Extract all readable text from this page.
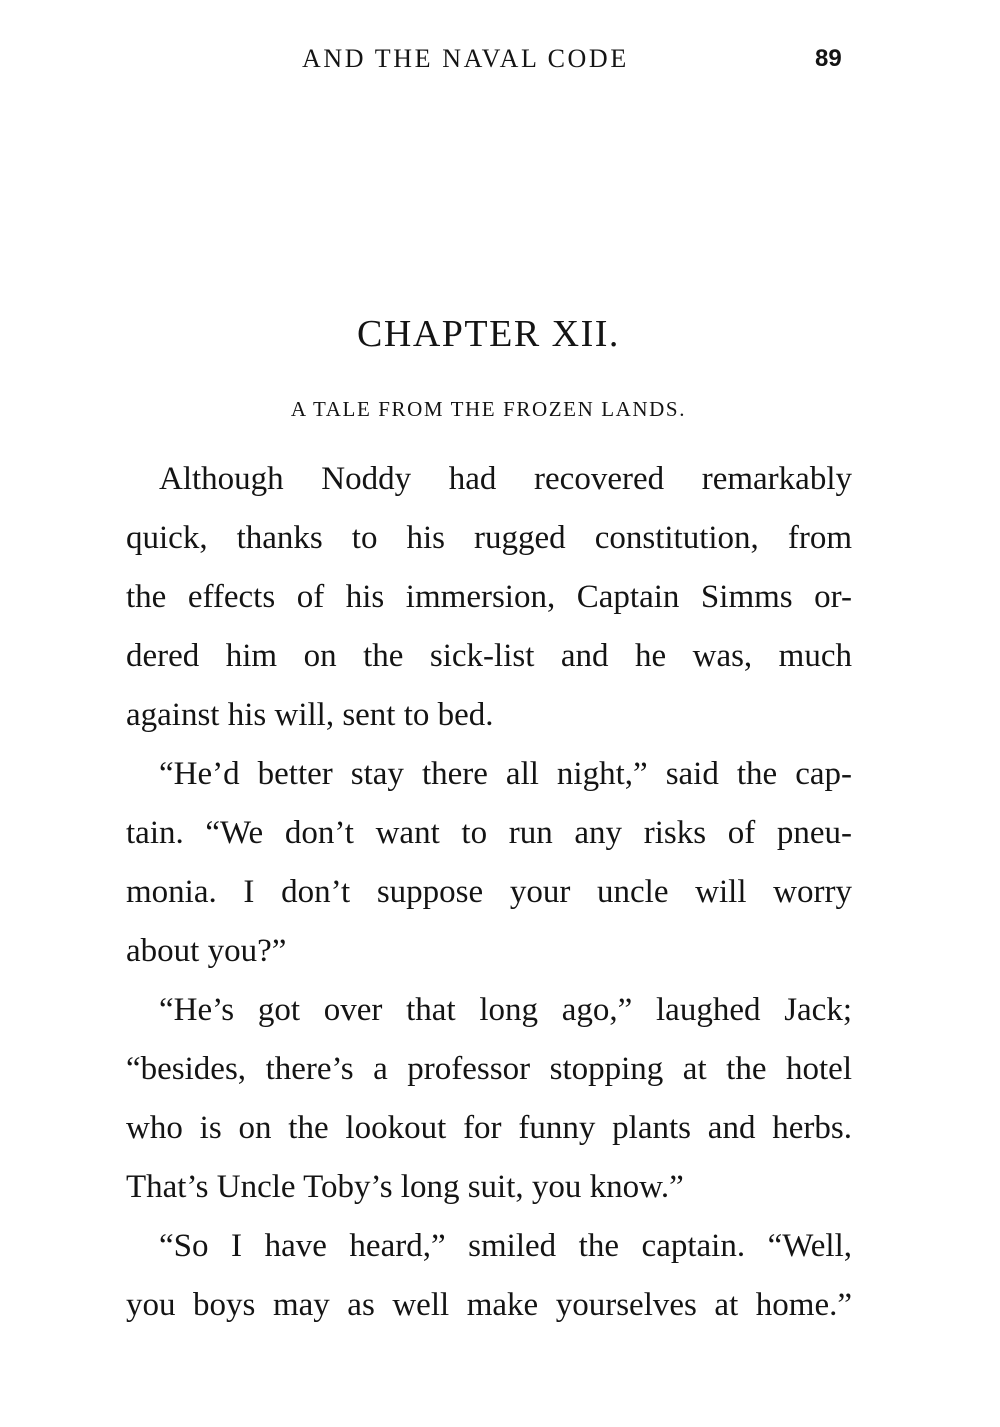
AND THE NAVAL CODE	89
CHAPTER XII.
A TALE FROM THE FROZEN LANDS.
Although Noddy had recovered remarkably
quick, thanks to his rugged constitution, from
the effects of his immersion, Captain Simms or-
dered him on the sick-list and he was, much
against his will, sent to bed.
“He’d better stay there all night,” said the cap-
tain. “We don’t want to run any risks of pneu-
monia. I don’t suppose your uncle will worry
about you?”
“He’s got over that long ago,” laughed Jack;
“besides, there’s a professor stopping at the hotel
who is on the lookout for funny plants and herbs.
That’s Uncle Toby’s long suit, you know.”
“So I have heard,” smiled the captain. “Well,
you boys may as well make yourselves at home.”
